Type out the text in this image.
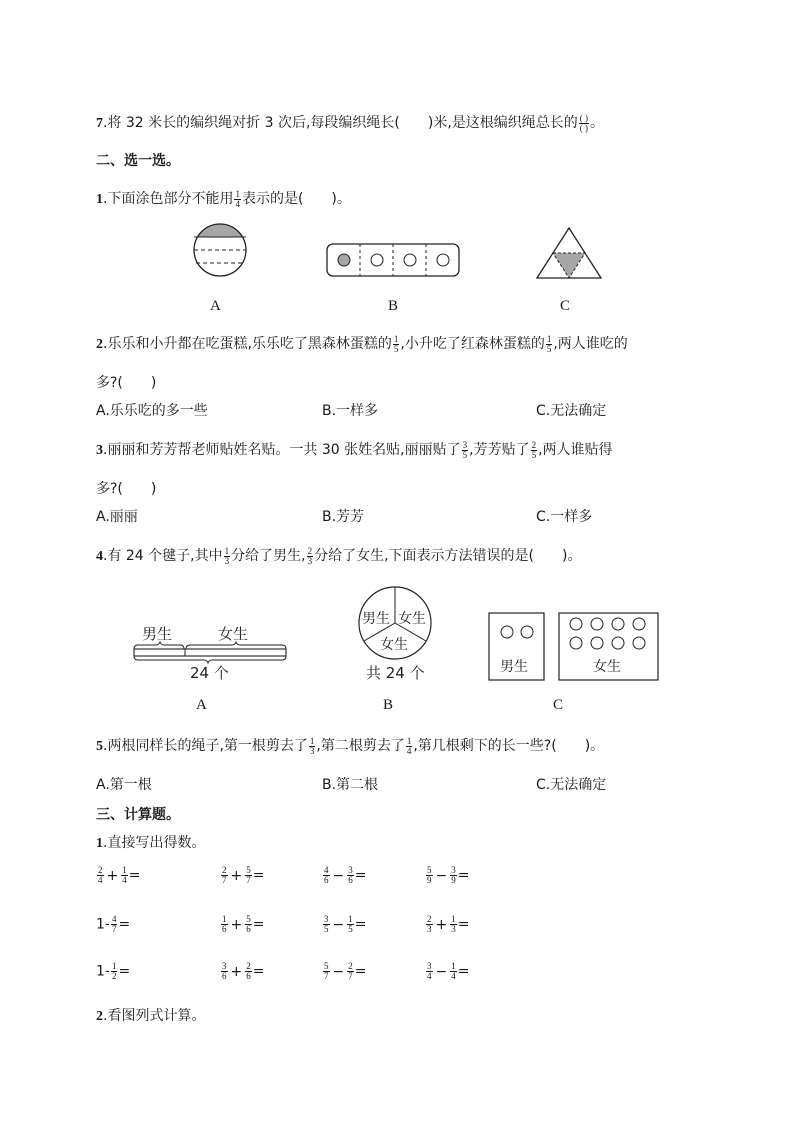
7.将 32 米长的编织绳对折 3 次后,每段编织绳长(　　)米,是这根编织绳总长的 $\frac{( )}{( )}$ 。
二、选一选。
1.下面涂色部分不能用 $\frac{1}{4}$ 表示的是(　　)。
A	B	C
2.乐乐和小升都在吃蛋糕,乐乐吃了黑森林蛋糕的 $\frac{1}{5}$ ,小升吃了红森林蛋糕的 $\frac{1}{5}$ ,两人谁吃的
多?(　　)
A.乐乐吃的多一些	B.一样多	C.无法确定
3.丽丽和芳芳帮老师贴姓名贴。一共 30 张姓名贴,丽丽贴了 $\frac{3}{5}$ ,芳芳贴了 $\frac{2}{5}$ ,两人谁贴得
多?(　　)
A.丽丽	B.芳芳	C.一样多
4.有 24 个毽子,其中 $\frac{1}{3}$ 分给了男生, $\frac{2}{3}$ 分给了女生,下面表示方法错误的是(　　)。
男生	女生
24 个
男生 女生
女生
共 24 个	男生	女生
A	B	C
5.两根同样长的绳子,第一根剪去了 $\frac{1}{3}$ ,第二根剪去了 $\frac{1}{4}$ ,第几根剩下的长一些?(　　)。
A.第一根	B.第二根	C.无法确定
三、计算题。
1.直接写出得数。
$\frac{2}{4} + \frac{1}{4}$ =	$\frac{2}{7} + \frac{5}{7}$ =	$\frac{4}{6} - \frac{3}{6}$ =	$\frac{5}{9} - \frac{3}{9}$ =
$1- \frac{4}{7}$ =	$\frac{1}{6} + \frac{5}{6}$ =	$\frac{3}{5} - \frac{1}{5}$ =	$\frac{2}{3} + \frac{1}{3}$ =
$1- \frac{1}{2}$ =	$\frac{3}{6} + \frac{2}{6}$ =	$\frac{5}{7} - \frac{2}{7}$ =	$\frac{3}{4} - \frac{1}{4}$ =
2.看图列式计算。
